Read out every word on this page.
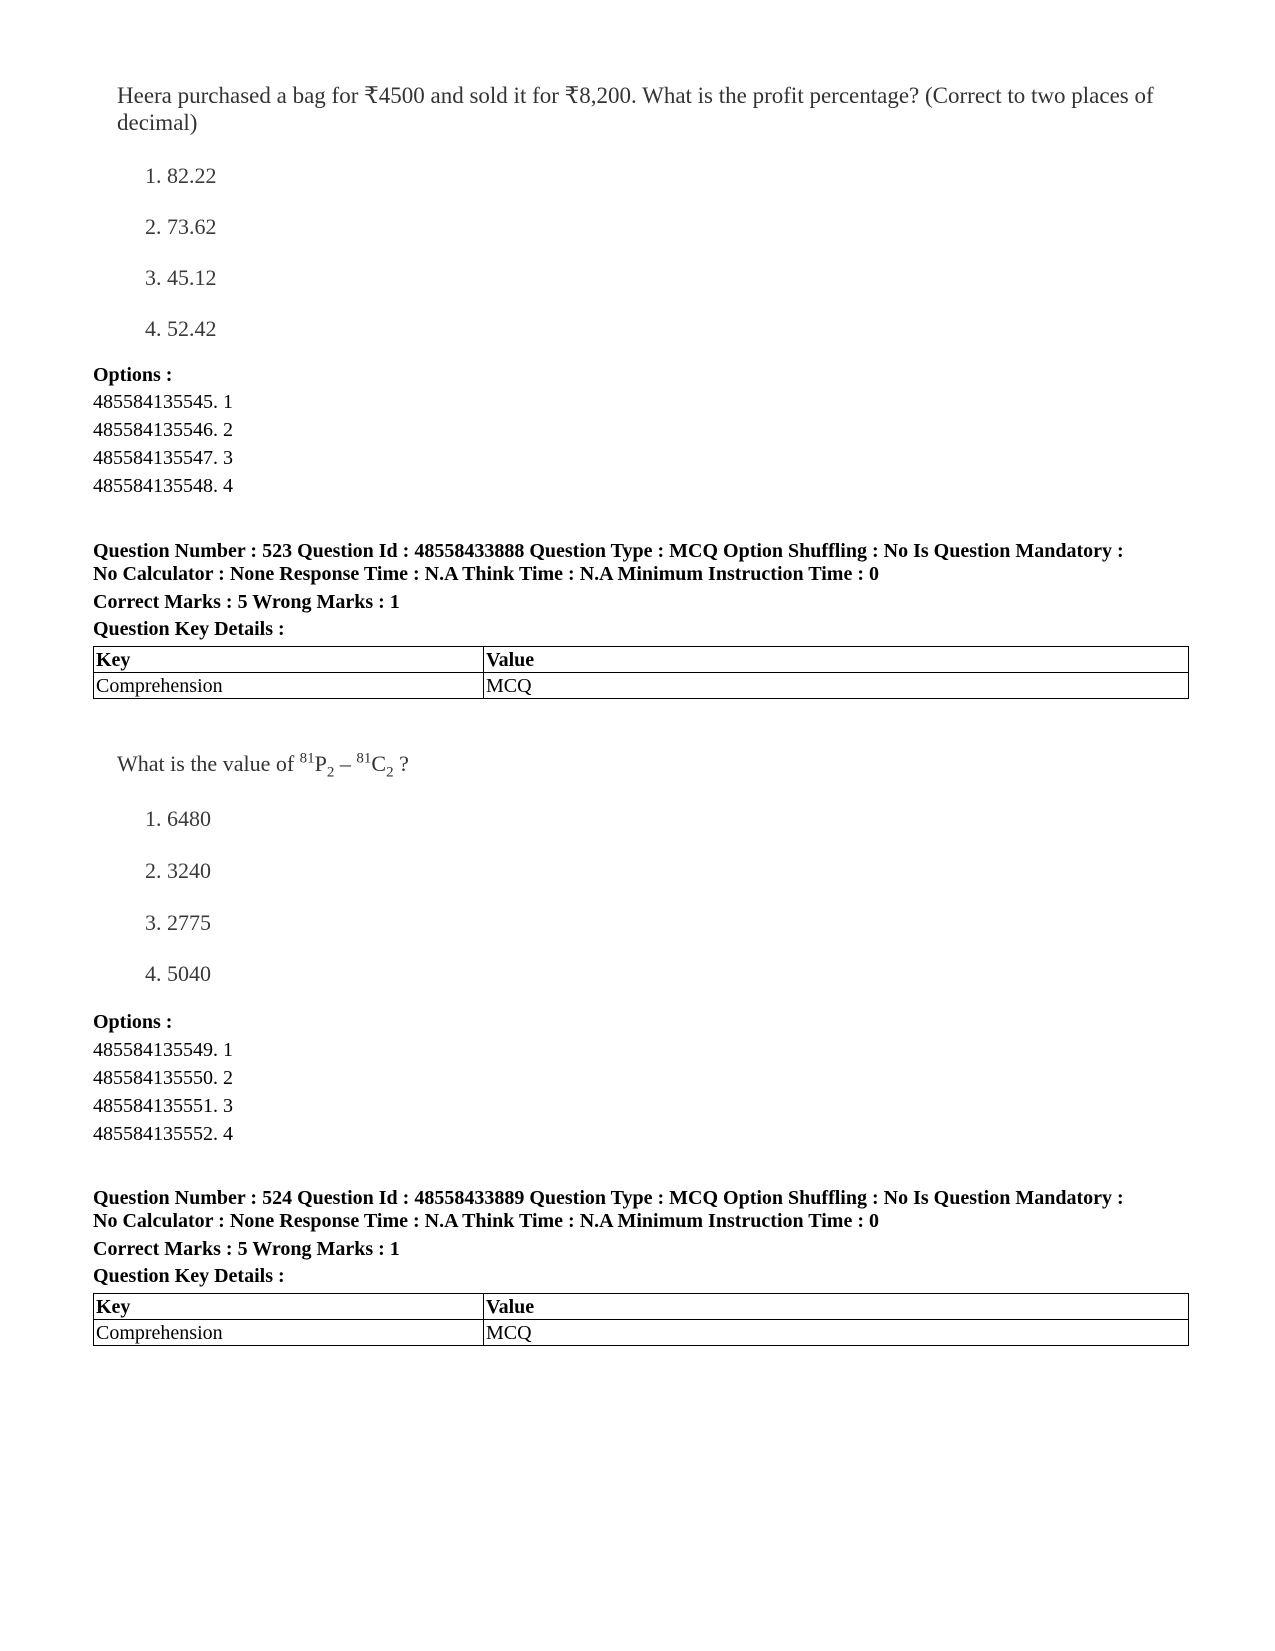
Heera purchased a bag for ₹4500 and sold it for ₹8,200. What is the profit percentage? (Correct to two places of decimal)
1. 82.22
2. 73.62
3. 45.12
4. 52.42
Options :
485584135545. 1
485584135546. 2
485584135547. 3
485584135548. 4
Question Number : 523 Question Id : 48558433888 Question Type : MCQ Option Shuffling : No Is Question Mandatory :
No Calculator : None Response Time : N.A Think Time : N.A Minimum Instruction Time : 0
Correct Marks : 5 Wrong Marks : 1
Question Key Details :
Key	Value
Comprehension	MCQ
What is the value of $^{81}P_2 - ^{81}C_2$ ?
1. 6480
2. 3240
3. 2775
4. 5040
Options :
485584135549. 1
485584135550. 2
485584135551. 3
485584135552. 4
Question Number : 524 Question Id : 48558433889 Question Type : MCQ Option Shuffling : No Is Question Mandatory :
No Calculator : None Response Time : N.A Think Time : N.A Minimum Instruction Time : 0
Correct Marks : 5 Wrong Marks : 1
Question Key Details :
Key	Value
Comprehension	MCQ
